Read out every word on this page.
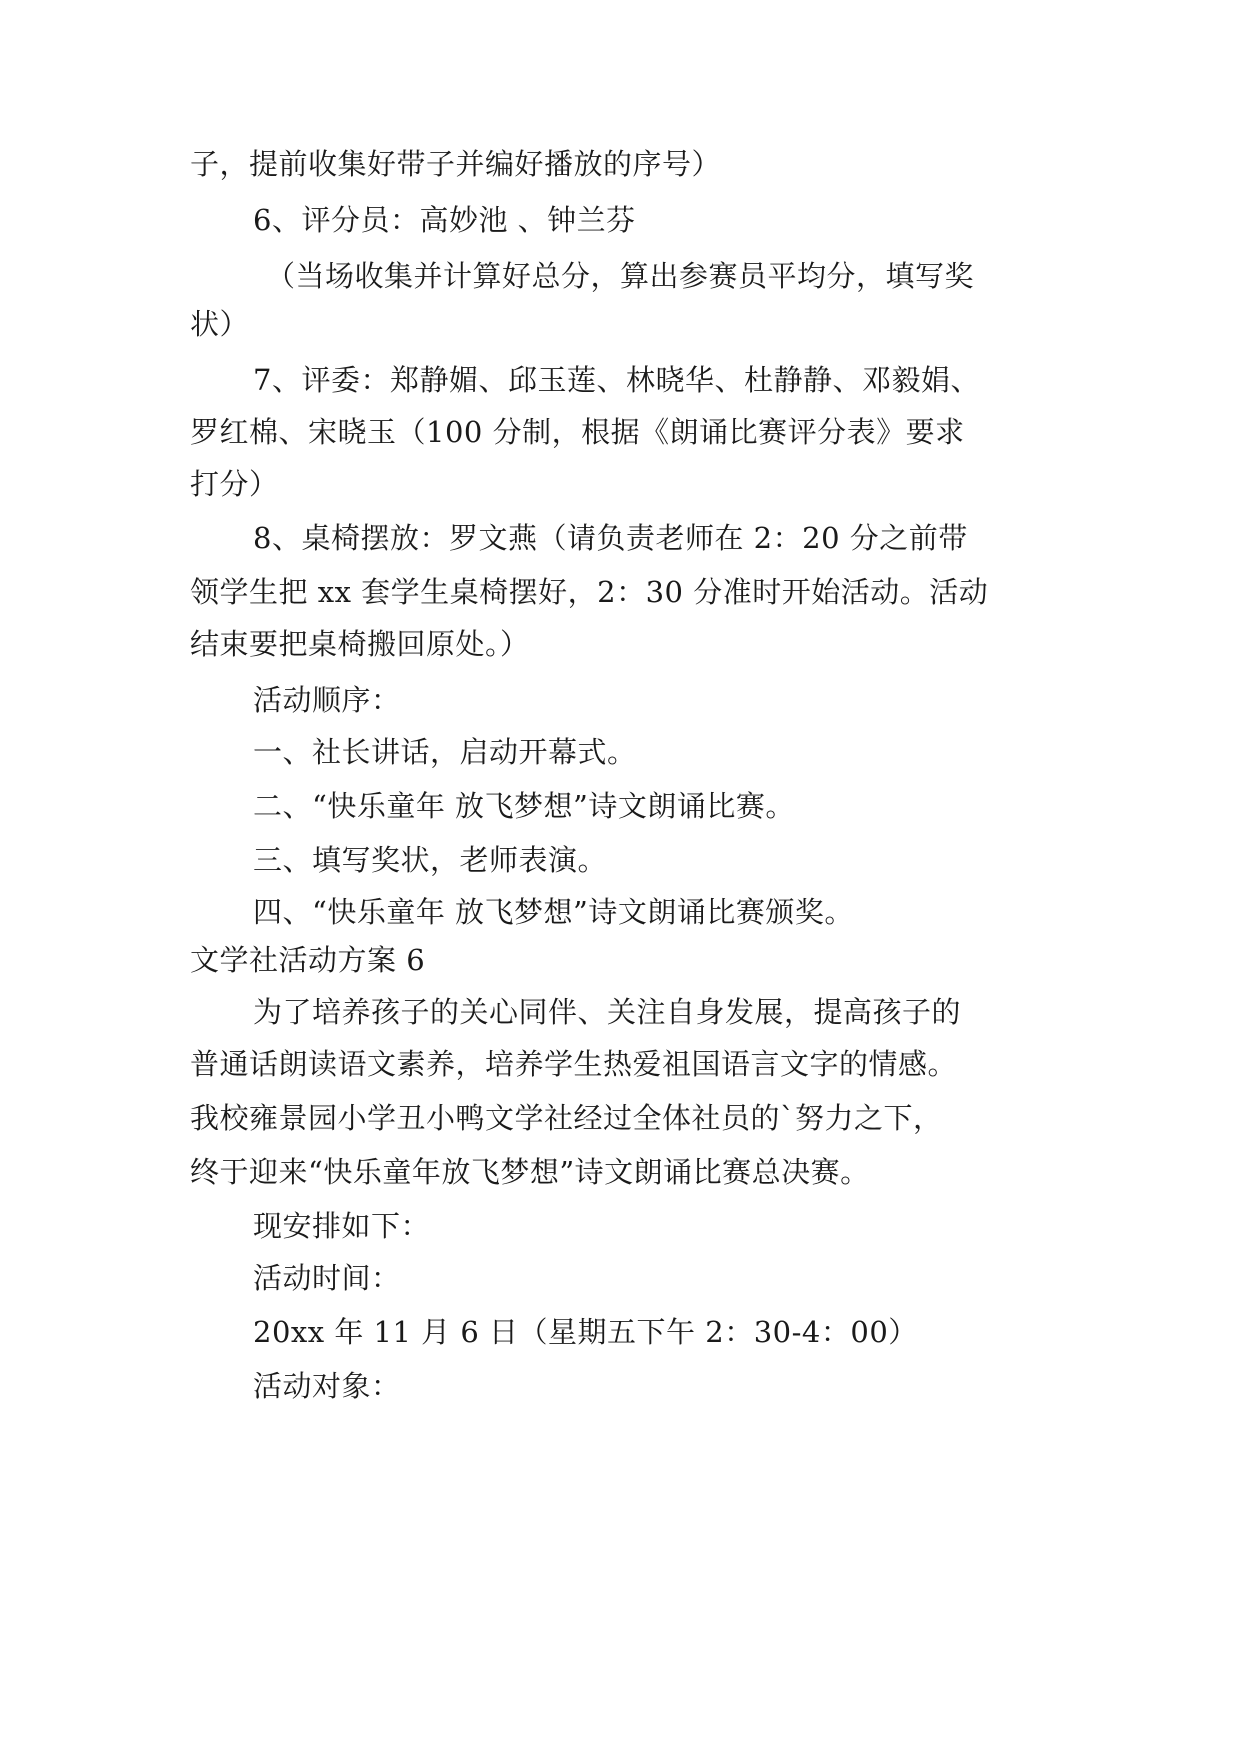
子，提前收集好带子并编好播放的序号）
6、评分员：高妙池 、钟兰芬
（当场收集并计算好总分，算出参赛员平均分，填写奖
状）
7、评委：郑静媚、邱玉莲、林晓华、杜静静、邓毅娟、
罗红棉、宋晓玉（100 分制，根据《朗诵比赛评分表》要求
打分）
8、桌椅摆放：罗文燕（请负责老师在 2：20 分之前带
领学生把 xx 套学生桌椅摆好，2：30 分准时开始活动。活动
结束要把桌椅搬回原处。）
活动顺序：
一、社长讲话，启动开幕式。
二、“快乐童年 放飞梦想”诗文朗诵比赛。
三、填写奖状，老师表演。
四、“快乐童年 放飞梦想”诗文朗诵比赛颁奖。
文学社活动方案 6
为了培养孩子的关心同伴、关注自身发展，提高孩子的
普通话朗读语文素养，培养学生热爱祖国语言文字的情感。
我校雍景园小学丑小鸭文学社经过全体社员的`努力之下，
终于迎来“快乐童年放飞梦想”诗文朗诵比赛总决赛。
现安排如下：
活动时间：
20xx 年 11 月 6 日（星期五下午 2：30-4：00）
活动对象：
